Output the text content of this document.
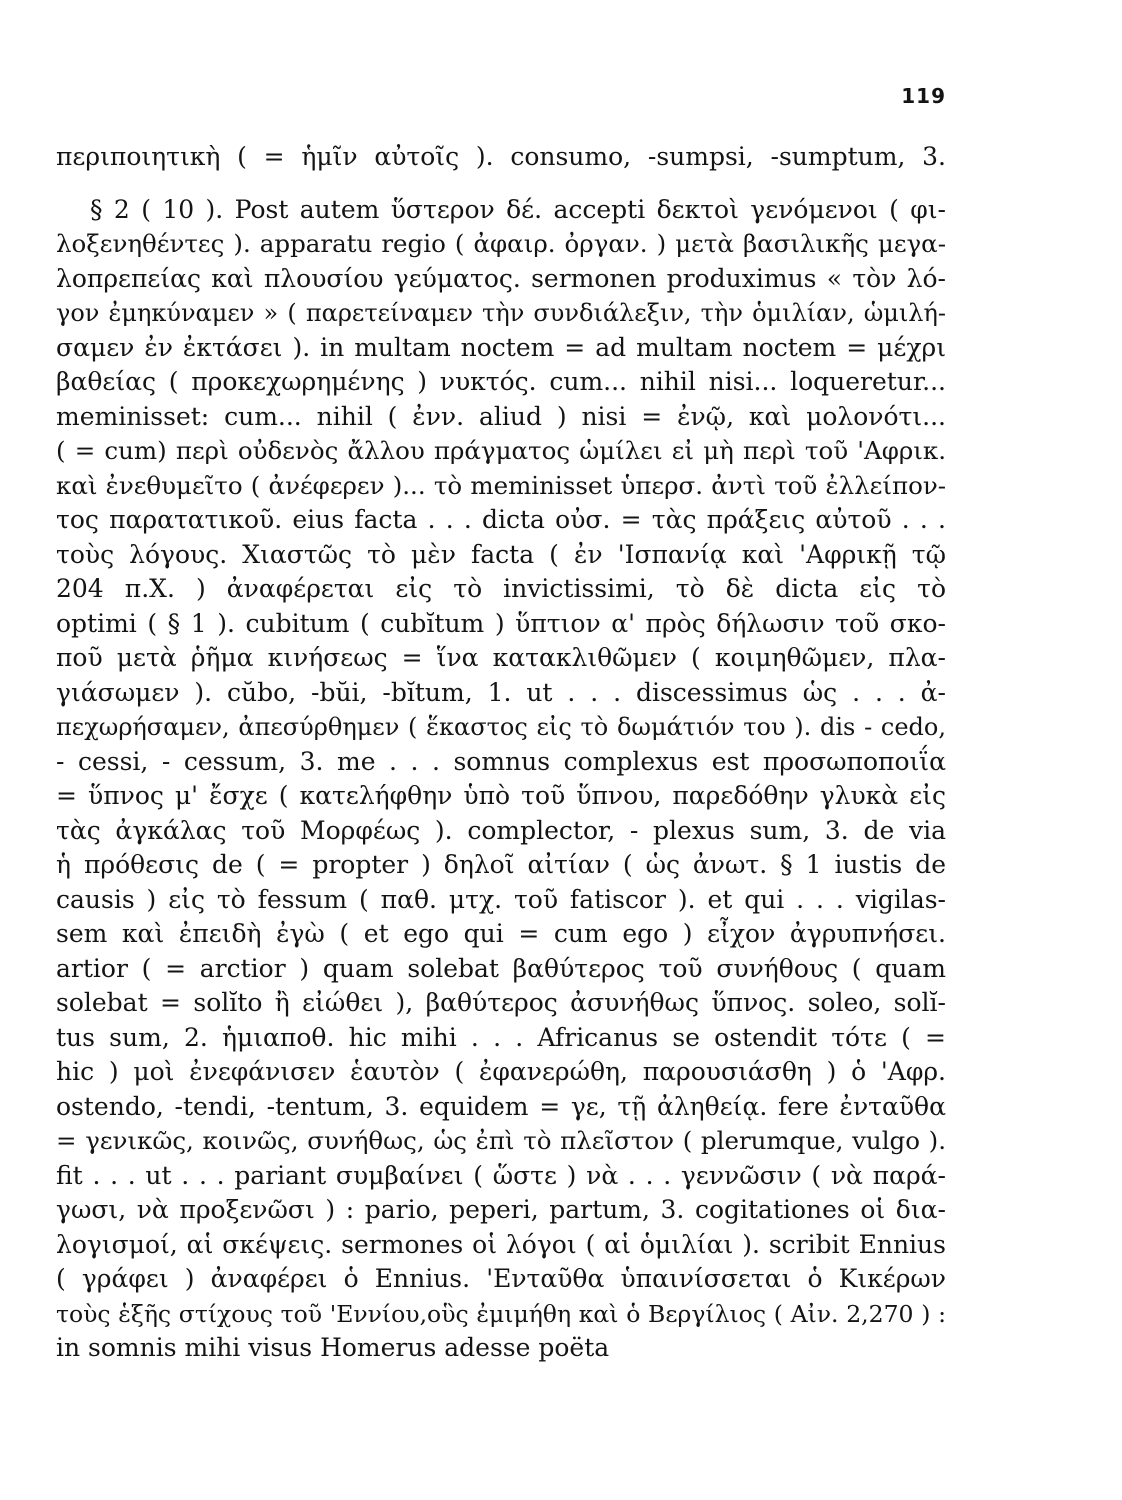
119
περιποιητικὴ ( = ἡμῖν αὐτοῖς ). consumo, -sumpsi, -sumptum, 3.
§ 2 ( 10 ). Post autem ὕστερον δέ. accepti δεκτοὶ γενόμενοι ( φι-
λοξενηθέντες ). apparatu regio ( ἀφαιρ. ὀργαν. ) μετὰ βασιλικῆς μεγα-
λοπρεπείας καὶ πλουσίου γεύματος. sermonen produximus « τὸν λό-
γον ἐμηκύναμεν » ( παρετείναμεν τὴν συνδιάλεξιν, τὴν ὁμιλίαν, ὡμιλή-
σαμεν ἐν ἐκτάσει ). in multam noctem = ad multam noctem = μέχρι
βαθείας ( προκεχωρημένης ) νυκτός. cum... nihil nisi... loqueretur...
meminisset: cum... nihil ( ἐνν. aliud ) nisi = ἐνῷ, καὶ μολονότι...
( = cum) περὶ οὐδενὸς ἄλλου πράγματος ὡμίλει εἰ μὴ περὶ τοῦ 'Αφρικ.
καὶ ἐνεθυμεῖτο ( ἀνέφερεν )... τὸ meminisset ὑπερσ. ἀντὶ τοῦ ἐλλείπον-
τος παρατατικοῦ. eius facta . . . dicta οὐσ. = τὰς πράξεις αὐτοῦ . . .
τοὺς λόγους. Χιαστῶς τὸ μὲν facta ( ἐν 'Ισπανίᾳ καὶ 'Αφρικῇ τῷ
204 π.Χ. ) ἀναφέρεται εἰς τὸ invictissimi, τὸ δὲ dicta εἰς τὸ
optimi ( § 1 ). cubitum ( cubĭtum ) ὕπτιον α' πρὸς δήλωσιν τοῦ σκο-
ποῦ μετὰ ῥῆμα κινήσεως = ἵνα κατακλιθῶμεν ( κοιμηθῶμεν, πλα-
γιάσωμεν ). cŭbo, -bŭi, -bĭtum, 1. ut . . . discessimus ὡς . . . ἀ-
πεχωρήσαμεν, ἀπεσύρθημεν ( ἕκαστος εἰς τὸ δωμάτιόν του ). dis - cedo,
- cessi, - cessum, 3. me . . . somnus complexus est προσωποποιΐα
= ὕπνος μ' ἔσχε ( κατελήφθην ὑπὸ τοῦ ὕπνου, παρεδόθην γλυκὰ εἰς
τὰς ἀγκάλας τοῦ Μορφέως ). complector, - plexus sum, 3. de via
ἡ πρόθεσις de ( = propter ) δηλοῖ αἰτίαν ( ὡς ἀνωτ. § 1 iustis de
causis ) εἰς τὸ fessum ( παθ. μτχ. τοῦ fatiscor ). et qui . . . vigilas-
sem καὶ ἐπειδὴ ἐγὼ ( et ego qui = cum ego ) εἶχον ἀγρυπνήσει.
artior ( = arctior ) quam solebat βαθύτερος τοῦ συνήθους ( quam
solebat = solĭto ἢ εἰώθει ), βαθύτερος ἀσυνήθως ὕπνος. soleo, solĭ-
tus sum, 2. ἡμιαποθ. hic mihi . . . Africanus se ostendit τότε ( =
hic ) μοὶ ἐνεφάνισεν ἑαυτὸν ( ἐφανερώθη, παρουσιάσθη ) ὁ 'Αφρ.
ostendo, -tendi, -tentum, 3. equidem = γε, τῇ ἀληθείᾳ. fere ἐνταῦθα
= γενικῶς, κοινῶς, συνήθως, ὡς ἐπὶ τὸ πλεῖστον ( plerumque, vulgo ).
fit . . . ut . . . pariant συμβαίνει ( ὥστε ) νὰ . . . γεννῶσιν ( νὰ παρά-
γωσι, νὰ προξενῶσι ) : pario, peperi, partum, 3. cogitationes οἱ δια-
λογισμοί, αἱ σκέψεις. sermones οἱ λόγοι ( αἱ ὁμιλίαι ). scribit Ennius
( γράφει ) ἀναφέρει ὁ Ennius. 'Ενταῦθα ὑπαινίσσεται ὁ Κικέρων
τοὺς ἑξῆς στίχους τοῦ 'Εννίου,οὓς ἐμιμήθη καὶ ὁ Βεργίλιος ( Αἰν. 2,270 ) :
in somnis mihi visus Homerus adesse poëta
